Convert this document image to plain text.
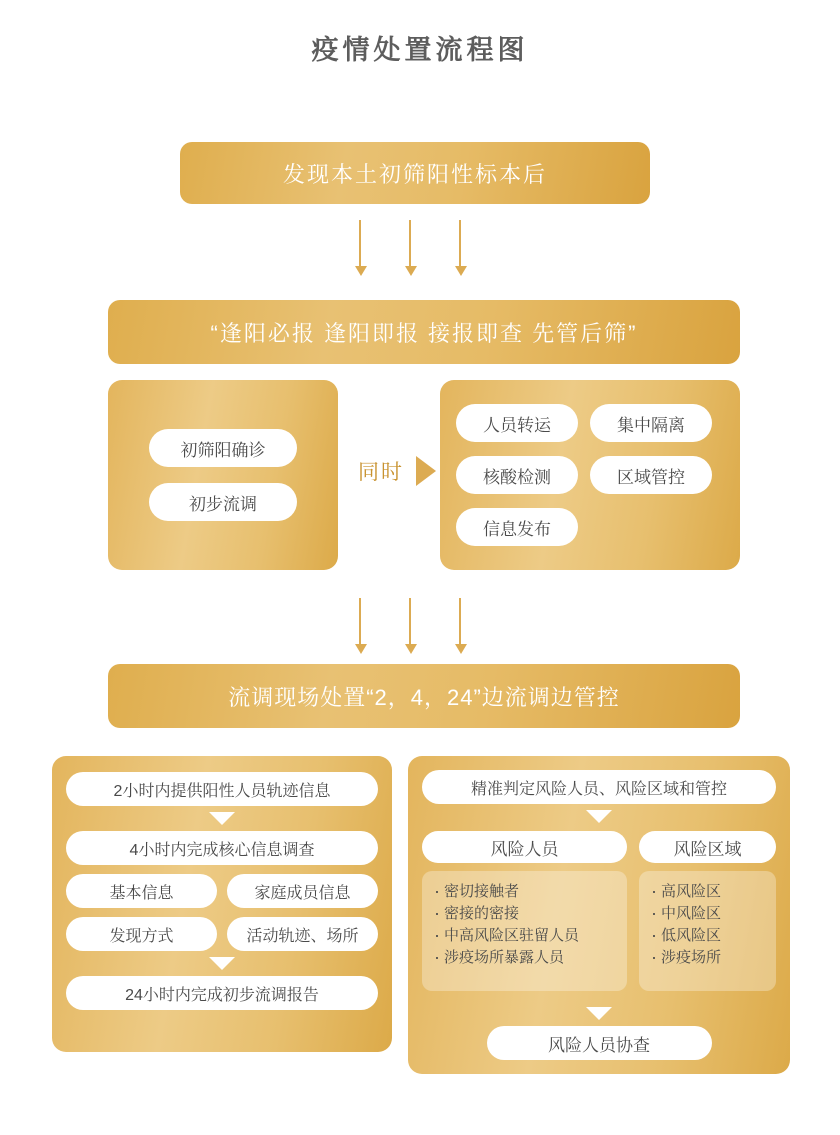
疫情处置流程图
发现本土初筛阳性标本后
“逢阳必报 逢阳即报 接报即查 先管后筛”
初筛阳确诊
初步流调
同时
人员转运	集中隔离
核酸检测	区域管控
信息发布
流调现场处置“2，4，24”边流调边管控
2小时内提供阳性人员轨迹信息
4小时内完成核心信息调查
基本信息	家庭成员信息
发现方式	活动轨迹、场所
24小时内完成初步流调报告
精准判定风险人员、风险区域和管控
风险人员
· 密切接触者
· 密接的密接
· 中高风险区驻留人员
· 涉疫场所暴露人员
风险区域
· 高风险区
· 中风险区
· 低风险区
· 涉疫场所
风险人员协查
